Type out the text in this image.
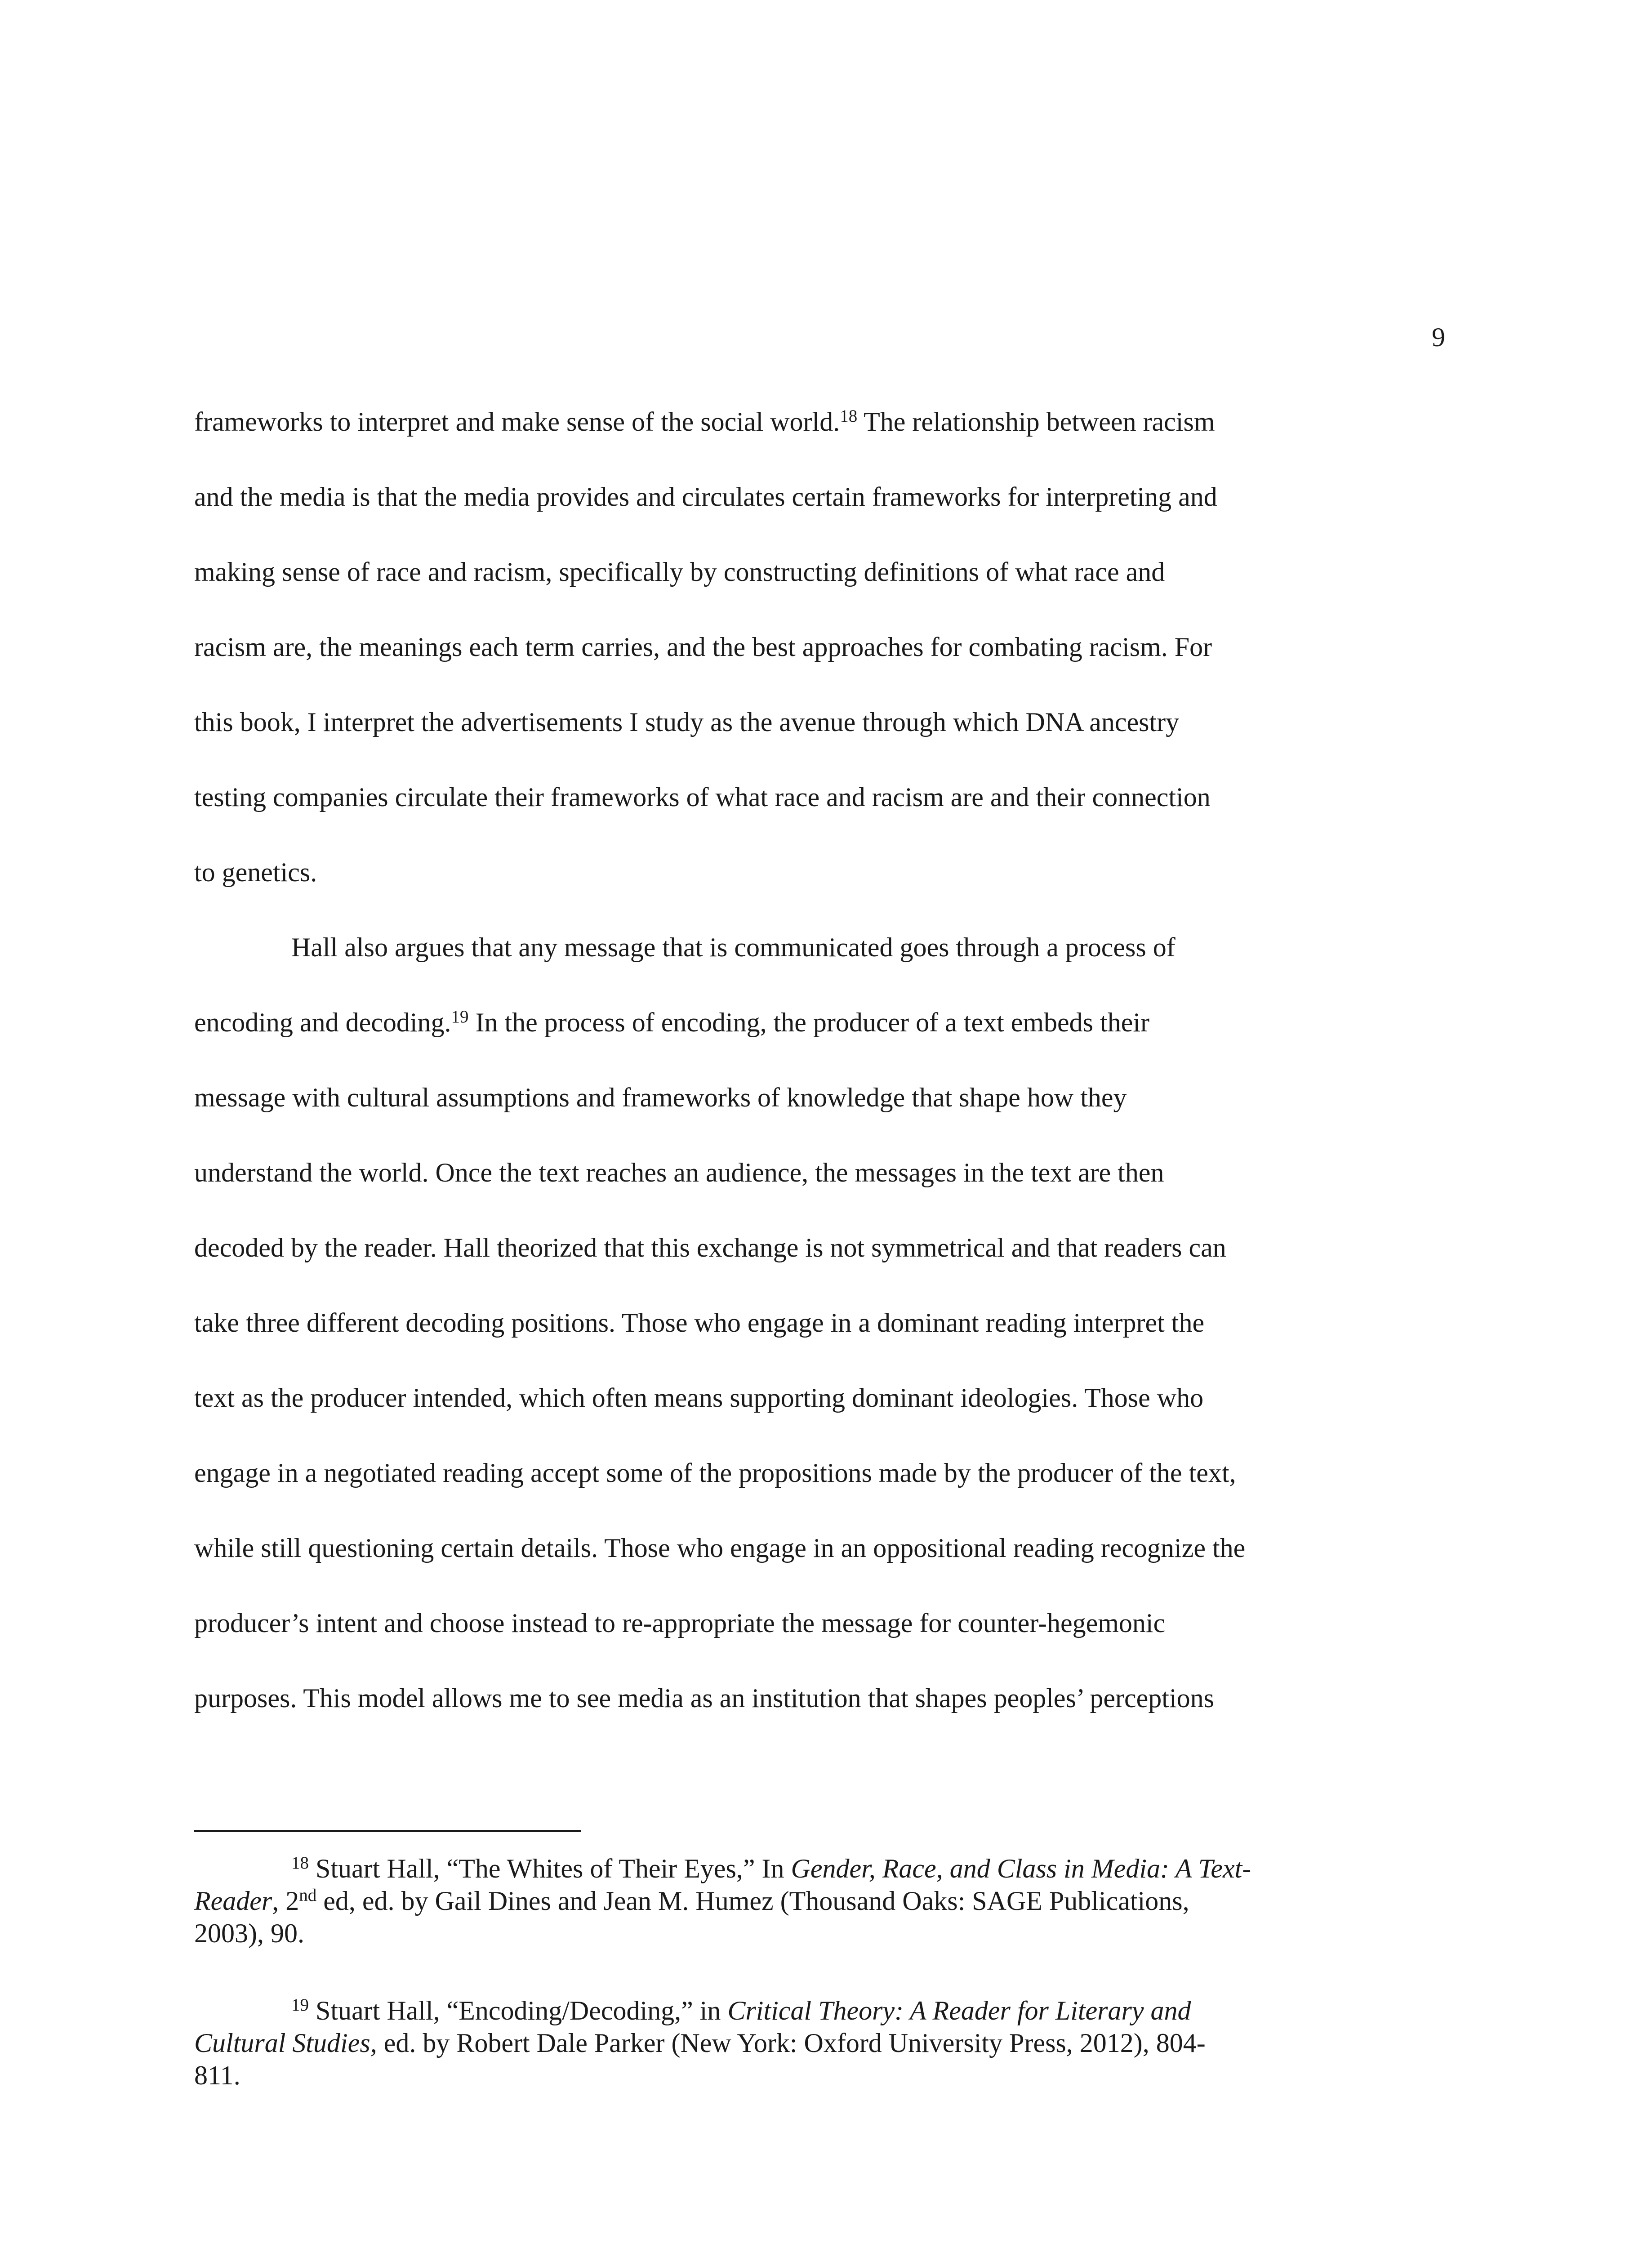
9
frameworks to interpret and make sense of the social world.$^{18}$ The relationship between racism
and the media is that the media provides and circulates certain frameworks for interpreting and
making sense of race and racism, specifically by constructing definitions of what race and
racism are, the meanings each term carries, and the best approaches for combating racism. For
this book, I interpret the advertisements I study as the avenue through which DNA ancestry
testing companies circulate their frameworks of what race and racism are and their connection
to genetics.
Hall also argues that any message that is communicated goes through a process of
encoding and decoding.$^{19}$ In the process of encoding, the producer of a text embeds their
message with cultural assumptions and frameworks of knowledge that shape how they
understand the world. Once the text reaches an audience, the messages in the text are then
decoded by the reader. Hall theorized that this exchange is not symmetrical and that readers can
take three different decoding positions. Those who engage in a dominant reading interpret the
text as the producer intended, which often means supporting dominant ideologies. Those who
engage in a negotiated reading accept some of the propositions made by the producer of the text,
while still questioning certain details. Those who engage in an oppositional reading recognize the
producer’s intent and choose instead to re-appropriate the message for counter-hegemonic
purposes. This model allows me to see media as an institution that shapes peoples’ perceptions
$^{18}$ Stuart Hall, “The Whites of Their Eyes,” In Gender, Race, and Class in Media: A Text-
Reader, 2nd ed, ed. by Gail Dines and Jean M. Humez (Thousand Oaks: SAGE Publications,
2003), 90.
$^{19}$ Stuart Hall, “Encoding/Decoding,” in Critical Theory: A Reader for Literary and
Cultural Studies, ed. by Robert Dale Parker (New York: Oxford University Press, 2012), 804-
811.
